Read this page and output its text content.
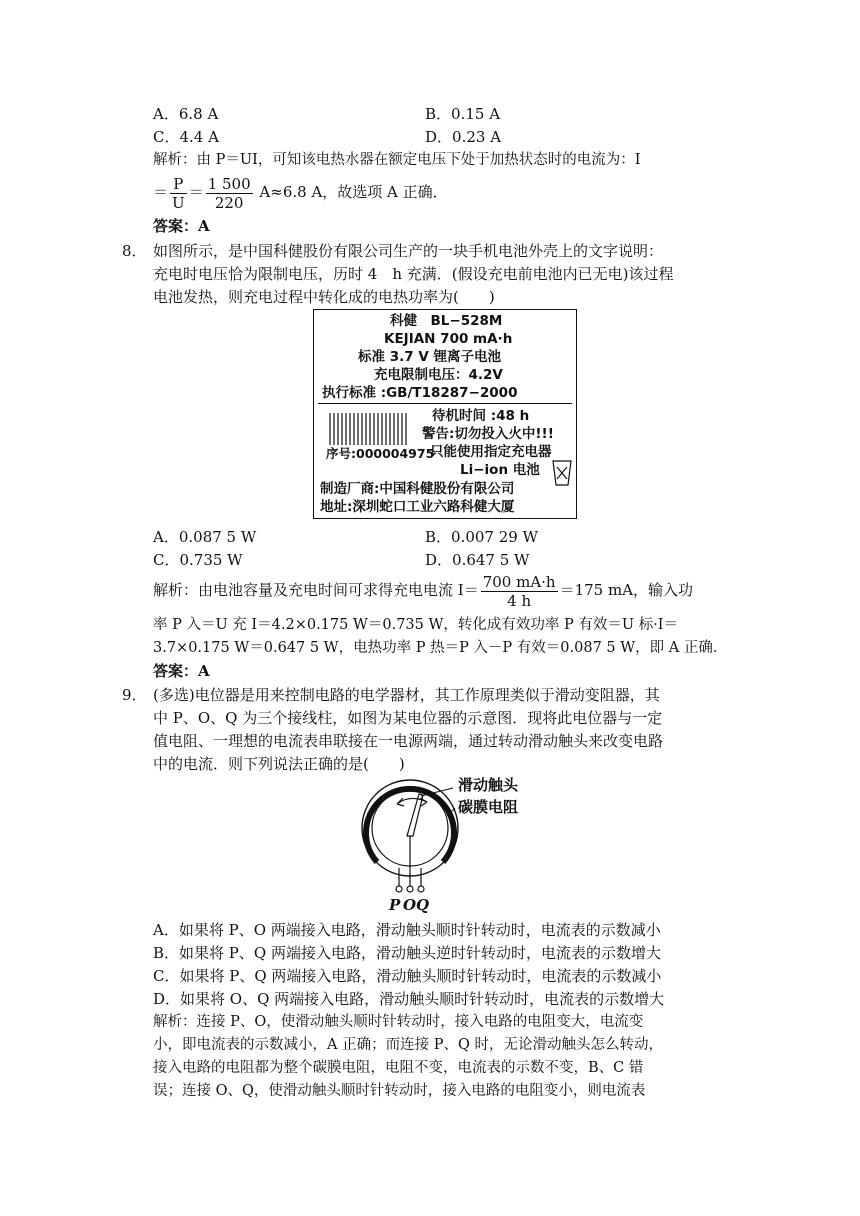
A．6.8 A	B．0.15 A
C．4.4 A	D．0.23 A
解析：由 P＝UI，可知该电热水器在额定电压下处于加热状态时的电流为：I
＝ $\frac{P}{U} = \frac{1 500}{220} A\approx 6.8$ A，故选项 A 正确．
答案：A
8． 如图所示，是中国科健股份有限公司生产的一块手机电池外壳上的文字说明：
充电时电压恰为限制电压，历时 4　h 充满．(假设充电前电池内已无电)该过程
电池发热，则充电过程中转化成的电热功率为(　　)
科健　BL−528M
KEJIAN 700 mA·h
标准 3.7 V 锂离子电池
充电限制电压：4.2V
执行标准 :GB/T18287−2000
待机时间 :48 h
警告:切勿投入火中!!!
序号:000004975
只能使用指定充电器
Li−ion 电池
制造厂商:中国科健股份有限公司
地址:深圳蛇口工业六路科健大厦
A．0.087 5 W	B．0.007 29 W
C．0.735 W	D．0.647 5 W
解析：由电池容量及充电时间可求得充电电流 $I= \frac{700 mA\cdot h}{4 h} =175$ mA，输入功
率 P 入＝U 充 I＝4.2×0.175 W＝0.735 W，转化成有效功率 P 有效＝U 标·I＝
3.7×0.175 W＝0.647 5 W，电热功率 P 热＝P 入－P 有效＝0.087 5 W，即 A 正确．
答案：A
9． (多选)电位器是用来控制电路的电学器材，其工作原理类似于滑动变阻器，其
中 P、O、Q 为三个接线柱，如图为某电位器的示意图．现将此电位器与一定
值电阻、一理想的电流表串联接在一电源两端，通过转动滑动触头来改变电路
中的电流．则下列说法正确的是(　　)
滑动触头
碳膜电阻
P O Q
A．如果将 P、O 两端接入电路，滑动触头顺时针转动时，电流表的示数减小
B．如果将 P、Q 两端接入电路，滑动触头逆时针转动时，电流表的示数增大
C．如果将 P、Q 两端接入电路，滑动触头顺时针转动时，电流表的示数减小
D．如果将 O、Q 两端接入电路，滑动触头顺时针转动时，电流表的示数增大
解析：连接 P、O，使滑动触头顺时针转动时，接入电路的电阻变大，电流变
小，即电流表的示数减小，A 正确；而连接 P、Q 时，无论滑动触头怎么转动，
接入电路的电阻都为整个碳膜电阻，电阻不变，电流表的示数不变，B、C 错
误；连接 O、Q，使滑动触头顺时针转动时，接入电路的电阻变小，则电流表
